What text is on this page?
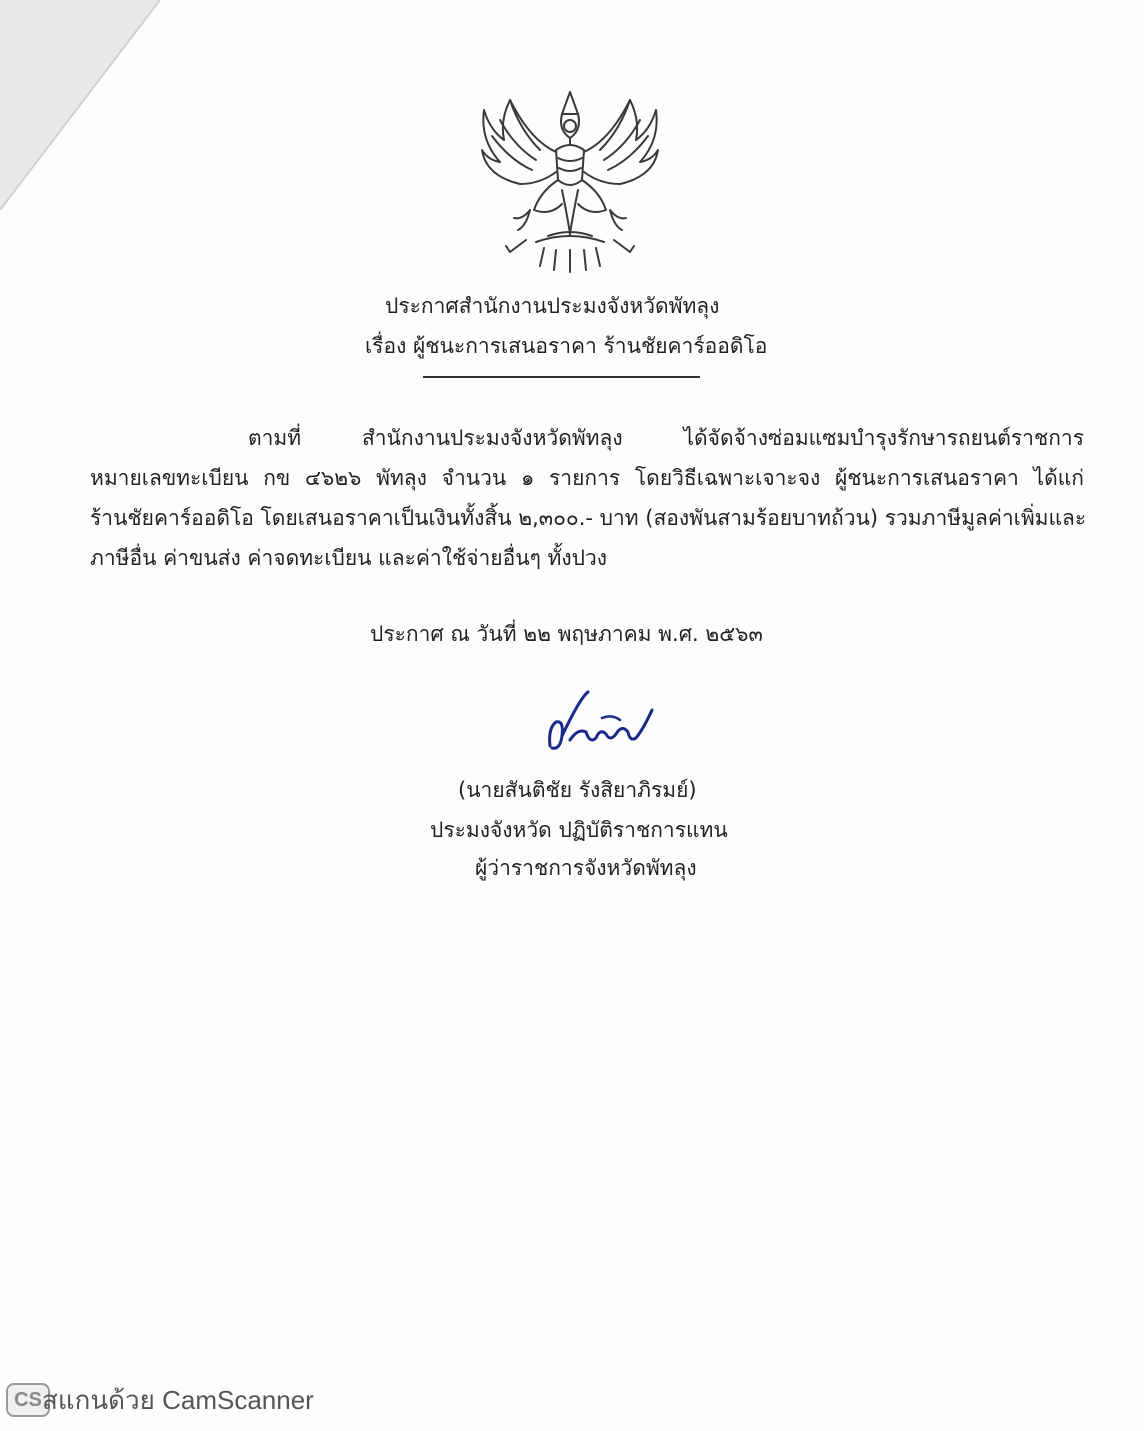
ประกาศสำนักงานประมงจังหวัดพัทลุง
เรื่อง ผู้ชนะการเสนอราคา ร้านชัยคาร์ออดิโอ
ตามที่ สำนักงานประมงจังหวัดพัทลุง ได้จัดจ้างซ่อมแซมบำรุงรักษารถยนต์ราชการ
หมายเลขทะเบียน กข ๔๖๒๖ พัทลุง จำนวน ๑ รายการ โดยวิธีเฉพาะเจาะจง ผู้ชนะการเสนอราคา ได้แก่
ร้านชัยคาร์ออดิโอ โดยเสนอราคาเป็นเงินทั้งสิ้น ๒,๓๐๐.- บาท (สองพันสามร้อยบาทถ้วน) รวมภาษีมูลค่าเพิ่มและ
ภาษีอื่น ค่าขนส่ง ค่าจดทะเบียน และค่าใช้จ่ายอื่นๆ ทั้งปวง
ประกาศ ณ วันที่ ๒๒ พฤษภาคม พ.ศ. ๒๕๖๓
(นายสันติชัย รังสิยาภิรมย์)
ประมงจังหวัด ปฏิบัติราชการแทน
ผู้ว่าราชการจังหวัดพัทลุง
CS สแกนด้วย CamScanner
